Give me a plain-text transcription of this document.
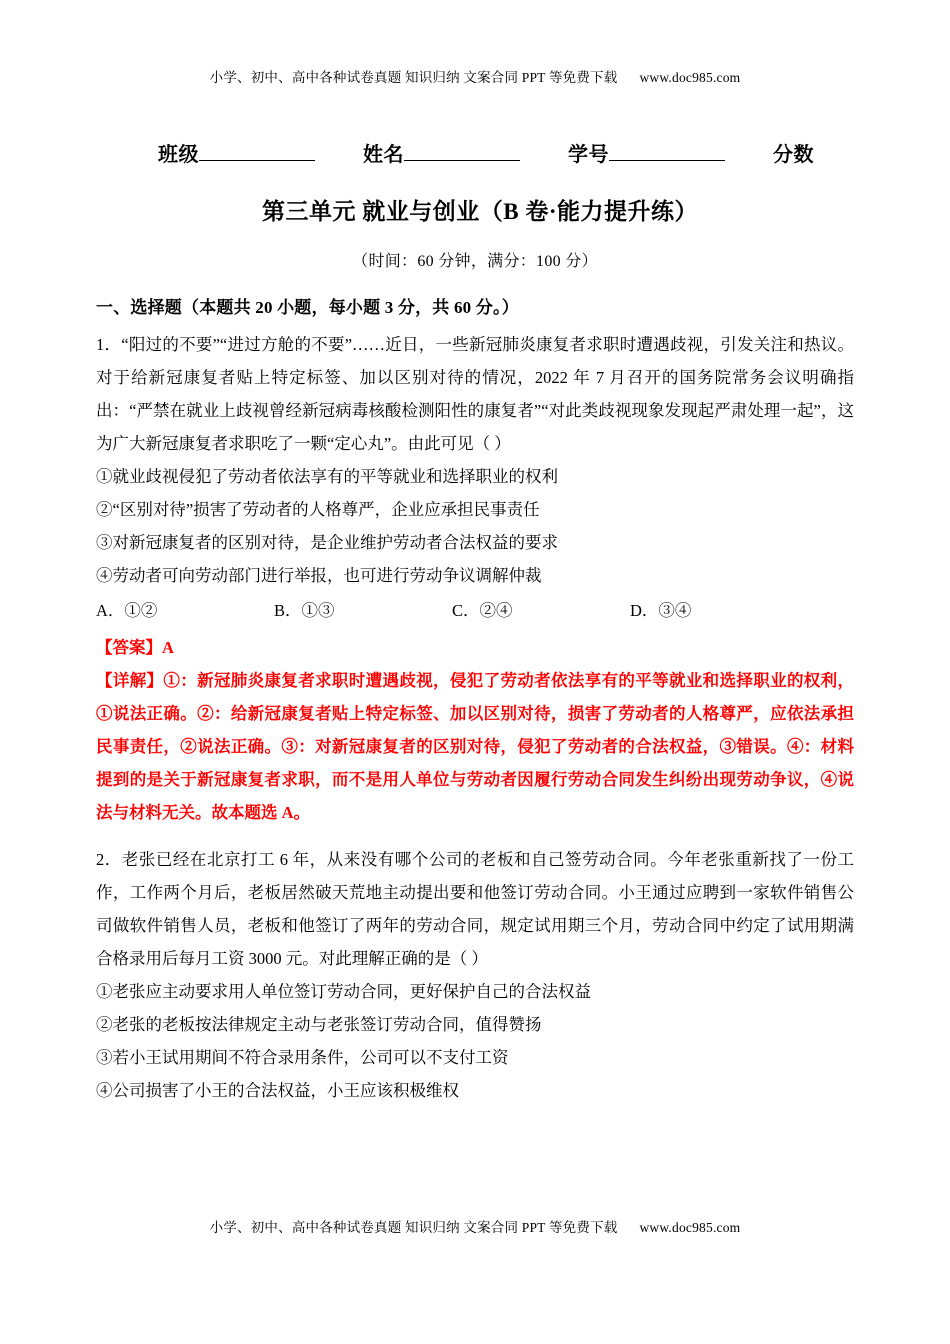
小学、初中、高中各种试卷真题 知识归纳 文案合同 PPT 等免费下载 www.doc985.com
班级	姓名	学号	分数
第三单元 就业与创业（B 卷·能力提升练）
（时间：60 分钟，满分：100 分）
一、选择题（本题共 20 小题，每小题 3 分，共 60 分。）
1．“阳过的不要”“进过方舱的不要”……近日，一些新冠肺炎康复者求职时遭遇歧视，引发关注和热议。对于给新冠康复者贴上特定标签、加以区别对待的情况，2022 年 7 月召开的国务院常务会议明确指出：“严禁在就业上歧视曾经新冠病毒核酸检测阳性的康复者”“对此类歧视现象发现起严肃处理一起”，这为广大新冠康复者求职吃了一颗“定心丸”。由此可见（ ）
①就业歧视侵犯了劳动者依法享有的平等就业和选择职业的权利
②“区别对待”损害了劳动者的人格尊严，企业应承担民事责任
③对新冠康复者的区别对待，是企业维护劳动者合法权益的要求
④劳动者可向劳动部门进行举报，也可进行劳动争议调解仲裁
A．①②	B．①③	C．②④	D．③④
【答案】A
【详解】①：新冠肺炎康复者求职时遭遇歧视，侵犯了劳动者依法享有的平等就业和选择职业的权利，①说法正确。②：给新冠康复者贴上特定标签、加以区别对待，损害了劳动者的人格尊严，应依法承担民事责任，②说法正确。③：对新冠康复者的区别对待，侵犯了劳动者的合法权益，③错误。④：材料提到的是关于新冠康复者求职，而不是用人单位与劳动者因履行劳动合同发生纠纷出现劳动争议，④说法与材料无关。故本题选 A。
2．老张已经在北京打工 6 年，从来没有哪个公司的老板和自己签劳动合同。今年老张重新找了一份工作，工作两个月后，老板居然破天荒地主动提出要和他签订劳动合同。小王通过应聘到一家软件销售公司做软件销售人员，老板和他签订了两年的劳动合同，规定试用期三个月，劳动合同中约定了试用期满合格录用后每月工资 3000 元。对此理解正确的是（ ）
①老张应主动要求用人单位签订劳动合同，更好保护自己的合法权益
②老张的老板按法律规定主动与老张签订劳动合同，值得赞扬
③若小王试用期间不符合录用条件，公司可以不支付工资
④公司损害了小王的合法权益，小王应该积极维权
小学、初中、高中各种试卷真题 知识归纳 文案合同 PPT 等免费下载 www.doc985.com
